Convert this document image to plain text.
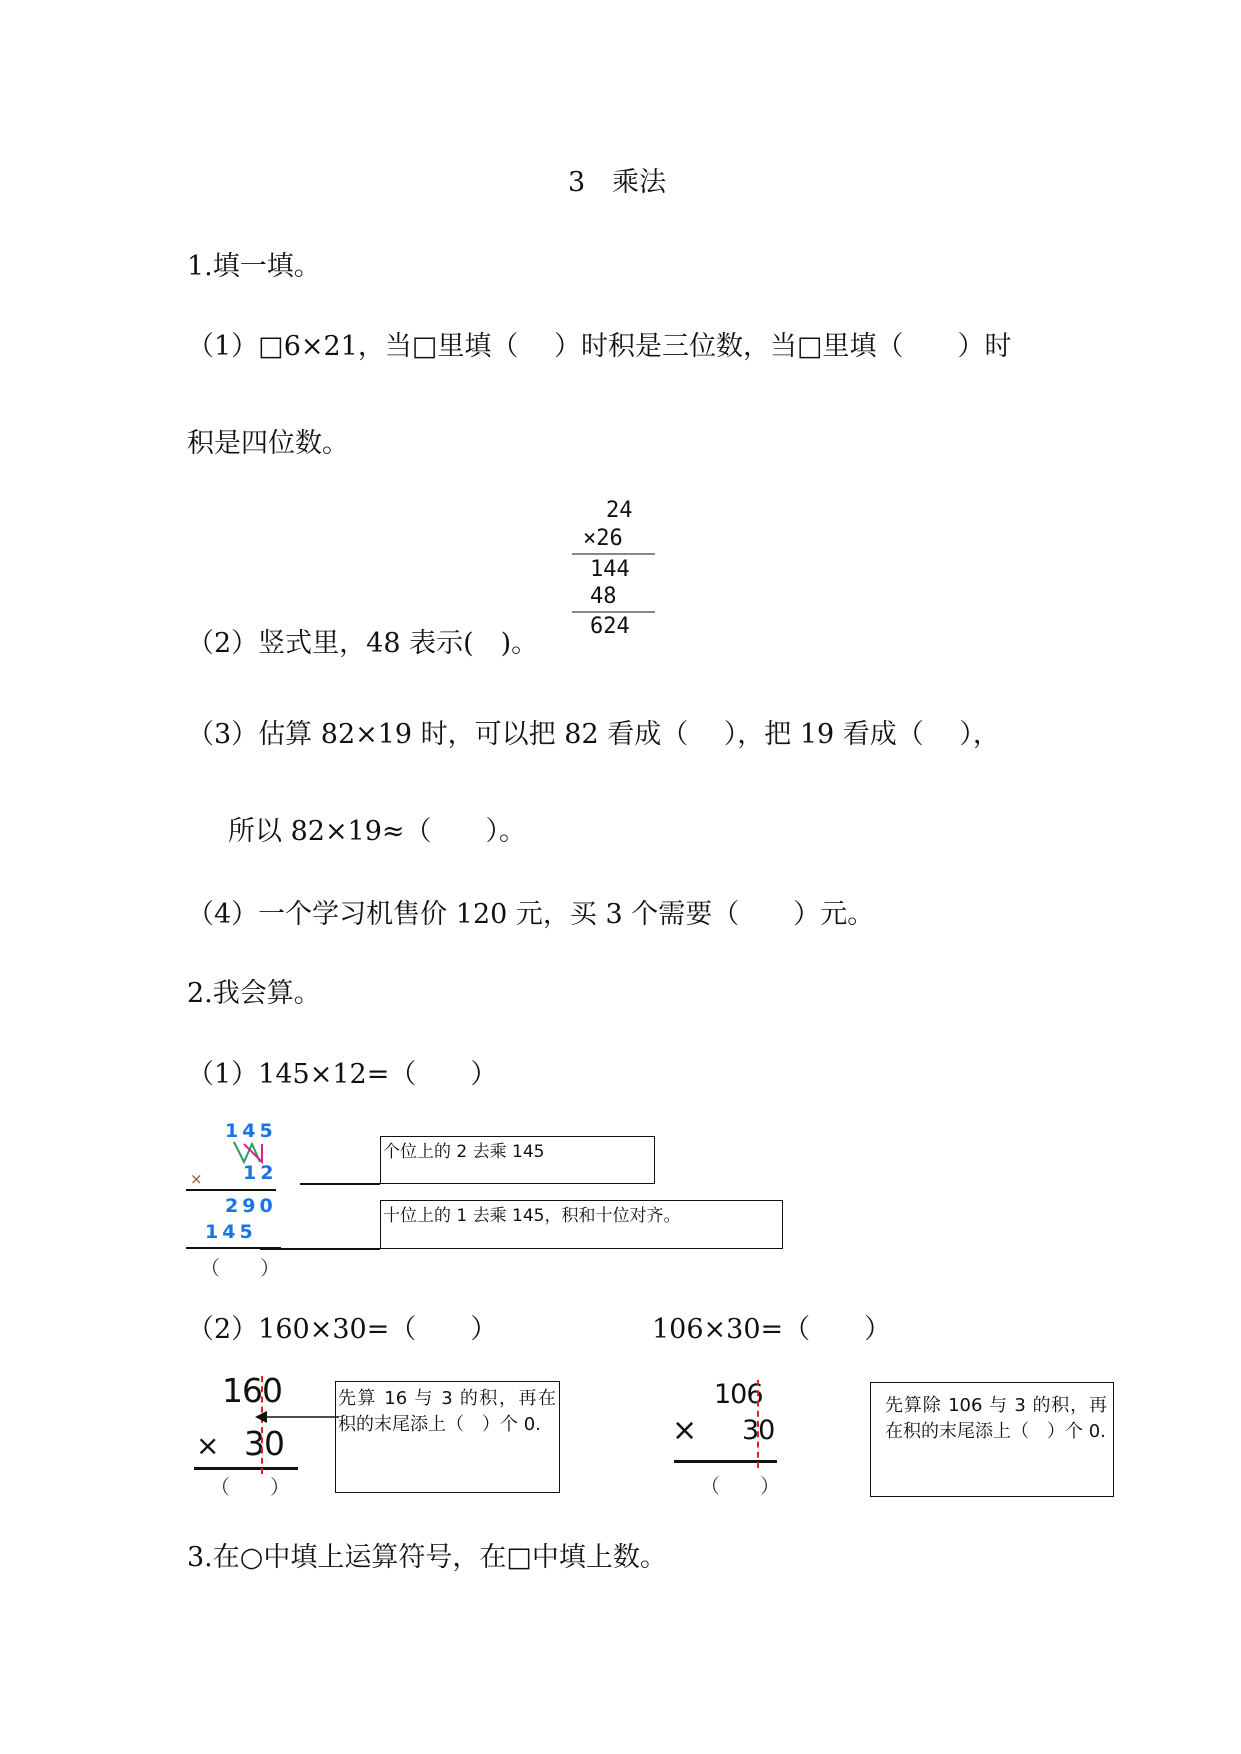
3　乘法
1.填一填。
（1）□6×21，当□里填（　 ）时积是三位数，当□里填（　　）时
积是四位数。
24
×26
144
48
624
（2）竖式里，48 表示(　)。
（3）估算 82×19 时，可以把 82 看成（　 ），把 19 看成（　 ），
所以 82×19≈（　　）。
（4）一个学习机售价 120 元，买 3 个需要（　　）元。
2.我会算。
（1）145×12=（　　）
145
× 12
290
145
（　　）
个位上的 2 去乘 145
十位上的 1 去乘 145，积和十位对齐。
（2）160×30=（　　）	106×30=（　　）
160
× 30
（　　）
先算 16 与 3 的积，再在积的末尾添上（　）个 0.
106
× 30
（　　）
先算除 106 与 3 的积，再在积的末尾添上（　）个 0.
3.在○中填上运算符号，在□中填上数。
